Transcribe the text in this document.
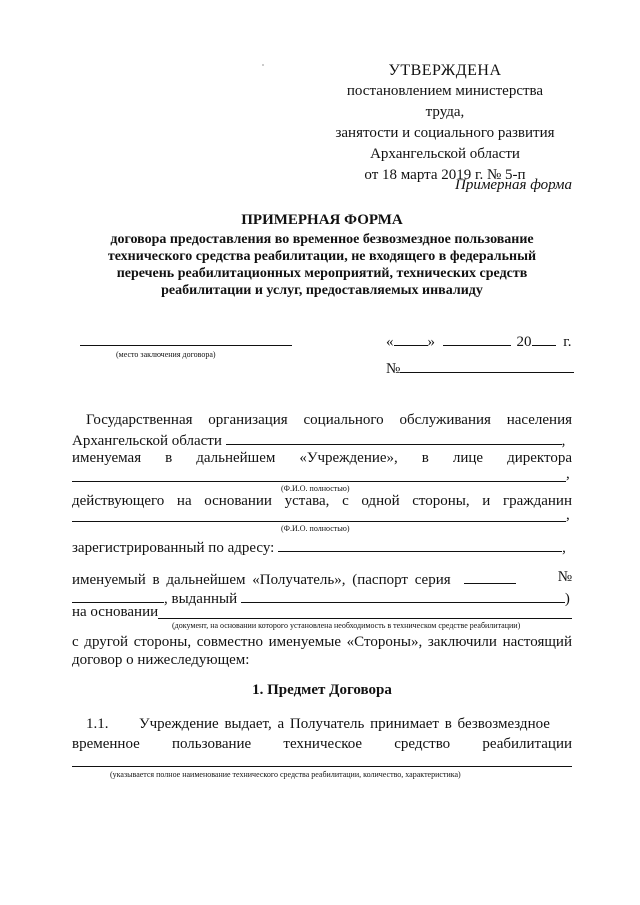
УТВЕРЖДЕНА
постановлением министерства труда,
занятости и социального развития
Архангельской области
от 18 марта 2019 г. № 5-п
Примерная форма
ПРИМЕРНАЯ ФОРМА
договора предоставления во временное безвозмездное пользование
технического средства реабилитации, не входящего в федеральный
перечень реабилитационных мероприятий, технических средств
реабилитации и услуг, предоставляемых инвалиду
(место заключения договора)
« »	20 г.
№
Государственная организация социального обслуживания населения
Архангельской области	,
именуемая в дальнейшем «Учреждение», в лице директора
,
(Ф.И.О. полностью)
действующего на основании устава, с одной стороны, и гражданин
,
(Ф.И.О. полностью)
зарегистрированный по адресу:	,
именуемый в дальнейшем «Получатель», (паспорт серия	№
, выданный	)
на основании
(документ, на основании которого установлена необходимость в техническом средстве реабилитации)
с другой стороны, совместно именуемые «Стороны», заключили настоящий
договор о нижеследующем:
1. Предмет Договора
1.1. Учреждение выдает, а Получатель принимает в безвозмездное
временное пользование техническое средство реабилитации
(указывается полное наименование технического средства реабилитации, количество, характеристика)
